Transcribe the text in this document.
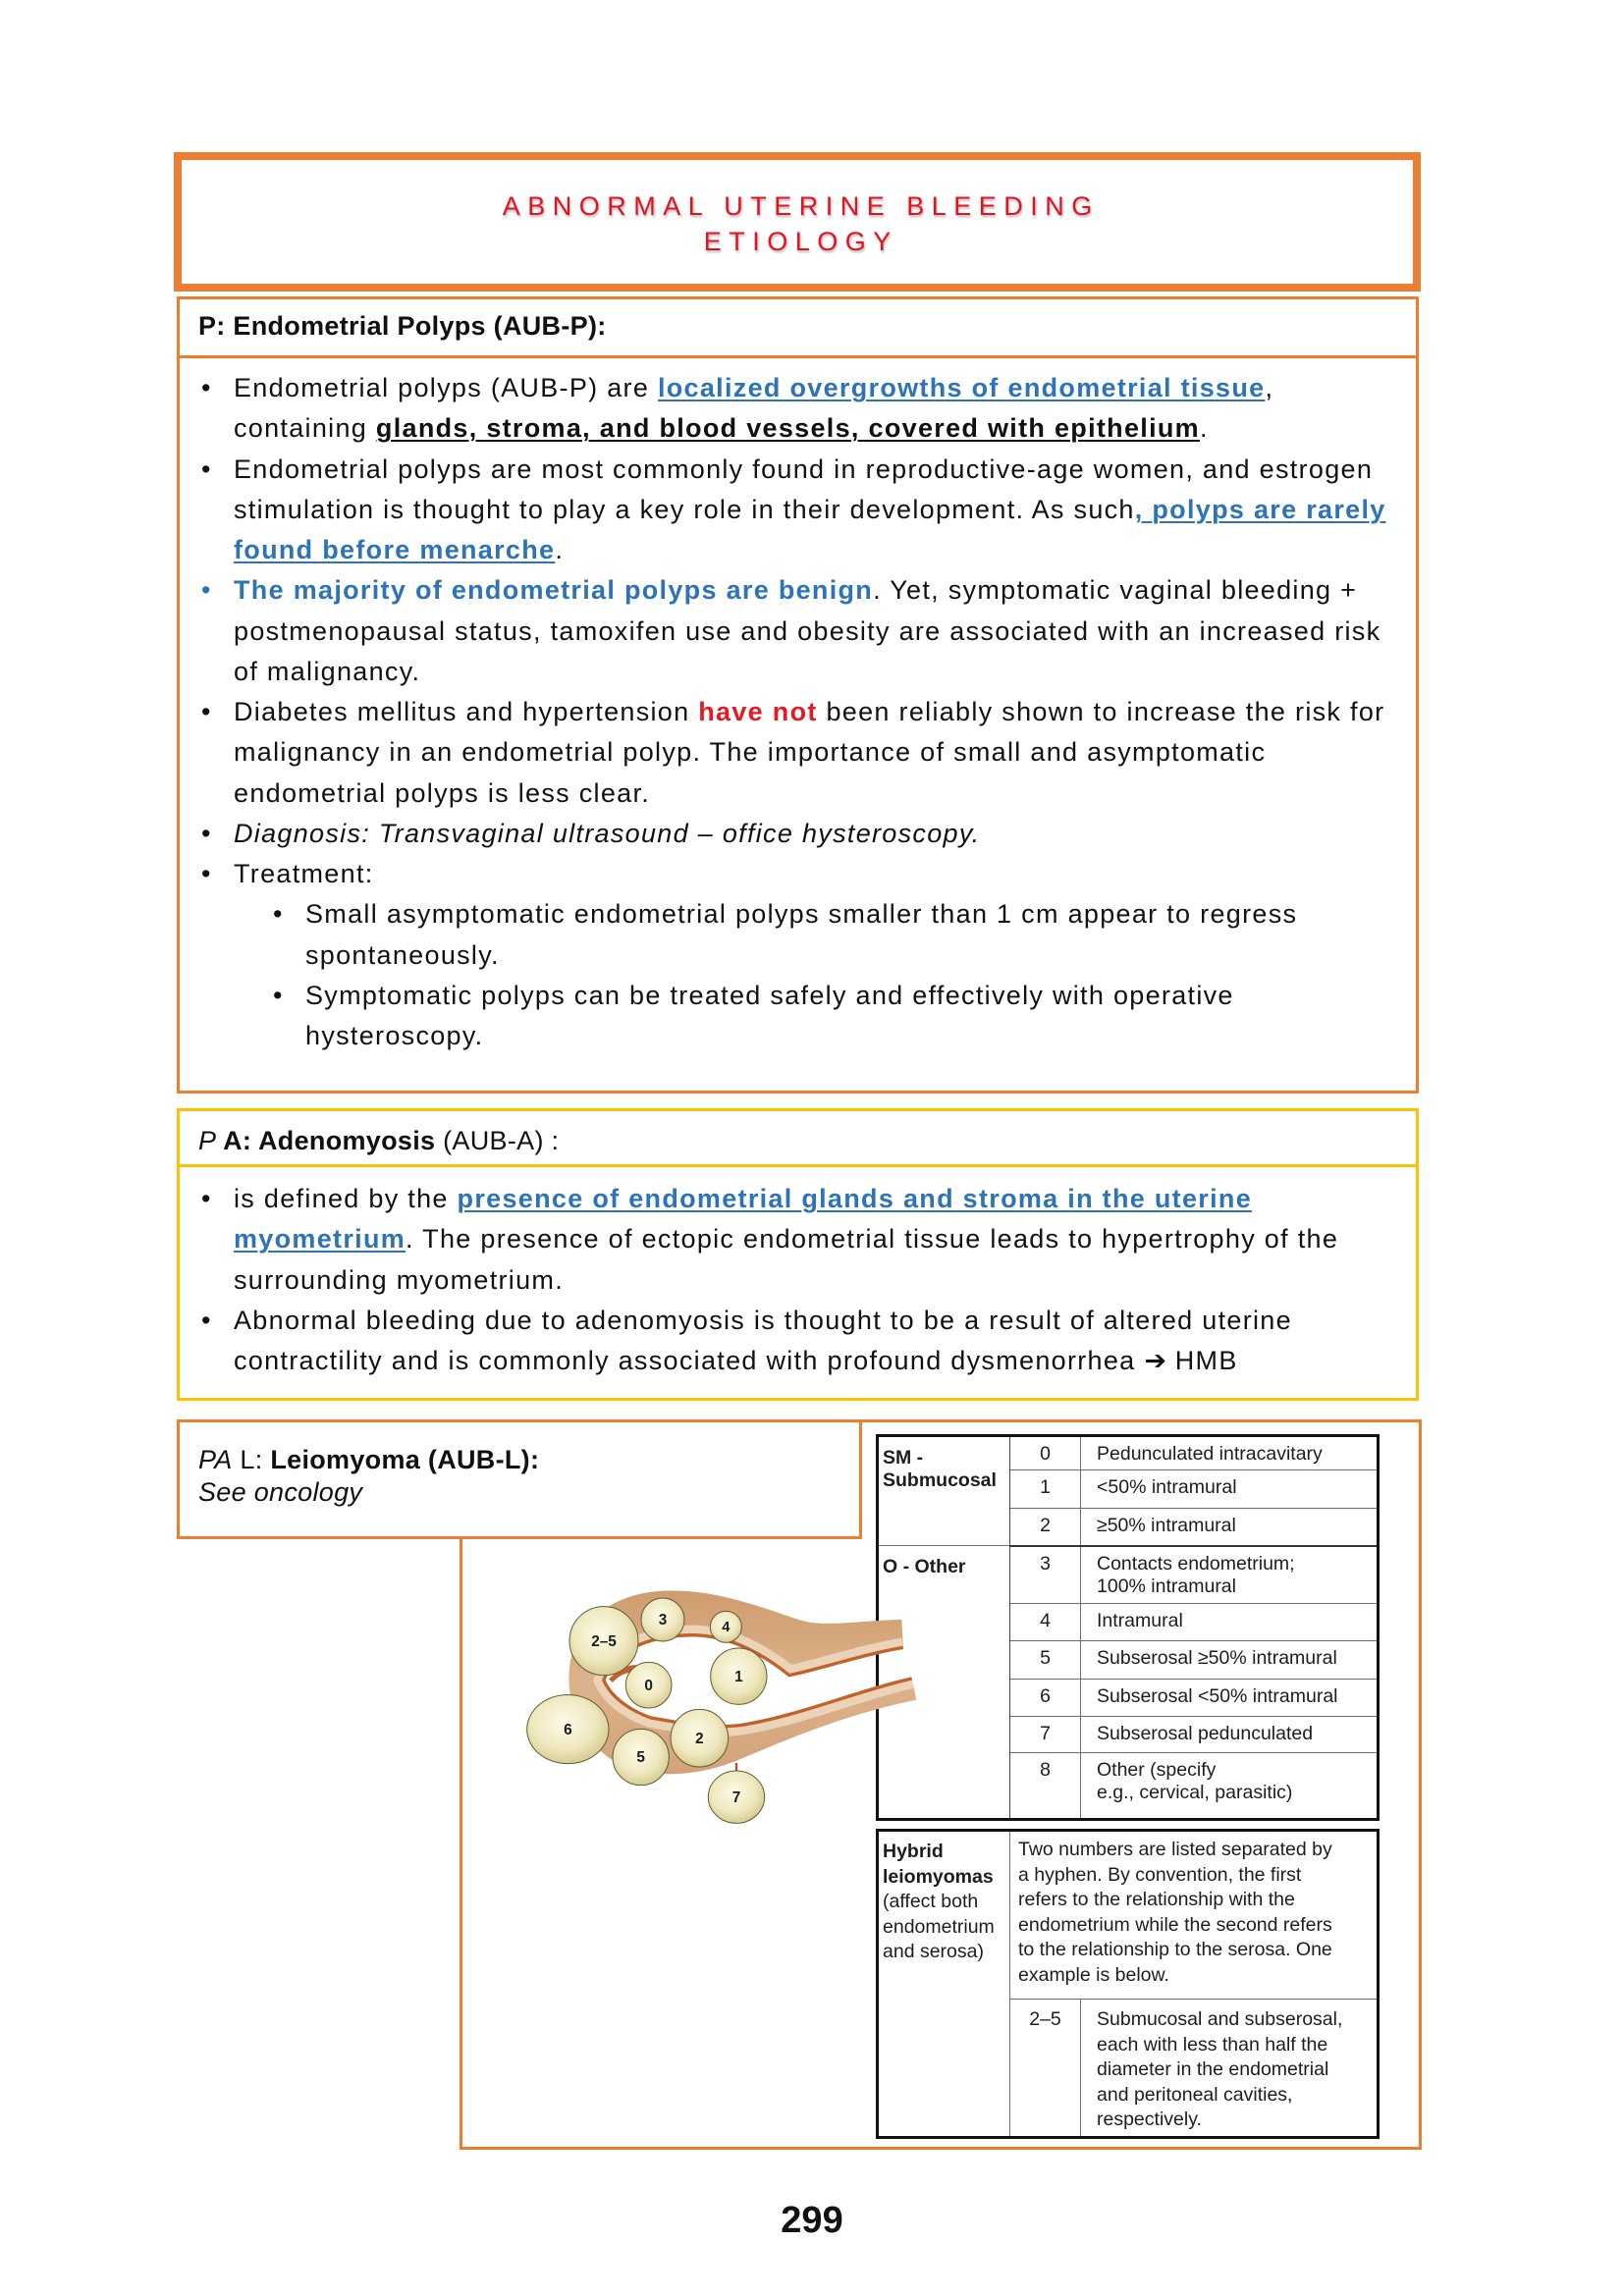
ABNORMAL UTERINE BLEEDING
ETIOLOGY
P: Endometrial Polyps (AUB-P):
• Endometrial polyps (AUB-P) are localized overgrowths of endometrial tissue, containing glands, stroma, and blood vessels, covered with epithelium.
• Endometrial polyps are most commonly found in reproductive-age women, and estrogen stimulation is thought to play a key role in their development. As such, polyps are rarely found before menarche.
• The majority of endometrial polyps are benign. Yet, symptomatic vaginal bleeding + postmenopausal status, tamoxifen use and obesity are associated with an increased risk of malignancy.
• Diabetes mellitus and hypertension have not been reliably shown to increase the risk for malignancy in an endometrial polyp. The importance of small and asymptomatic endometrial polyps is less clear.
• Diagnosis: Transvaginal ultrasound – office hysteroscopy.
• Treatment:
• Small asymptomatic endometrial polyps smaller than 1 cm appear to regress spontaneously.
• Symptomatic polyps can be treated safely and effectively with operative hysteroscopy.
P A: Adenomyosis (AUB-A) :
• is defined by the presence of endometrial glands and stroma in the uterine myometrium. The presence of ectopic endometrial tissue leads to hypertrophy of the surrounding myometrium.
• Abnormal bleeding due to adenomyosis is thought to be a result of altered uterine contractility and is commonly associated with profound dysmenorrhea ➔ HMB
PA L: Leiomyoma (AUB-L):
See oncology
SM -
Submucosal	0	Pedunculated intracavitary

	1	<50% intramural

	2	≥50% intramural

O - Other	3	Contacts endometrium;
100% intramural

	4	Intramural

	5	Subserosal ≥50% intramural

	6	Subserosal <50% intramural

	7	Subserosal pedunculated

	8	Other (specify
e.g., cervical, parasitic)
Hybrid
leiomyomas
(affect both
endometrium
and serosa)

Two numbers are listed separated by
a hyphen. By convention, the first
refers to the relationship with the
endometrium while the second refers
to the relationship to the serosa. One
example is below.

	2–5	Submucosal and subserosal,
each with less than half the
diameter in the endometrial
and peritoneal cavities,
respectively.
2–5
3 4
0
1
6
5
2
7
299
